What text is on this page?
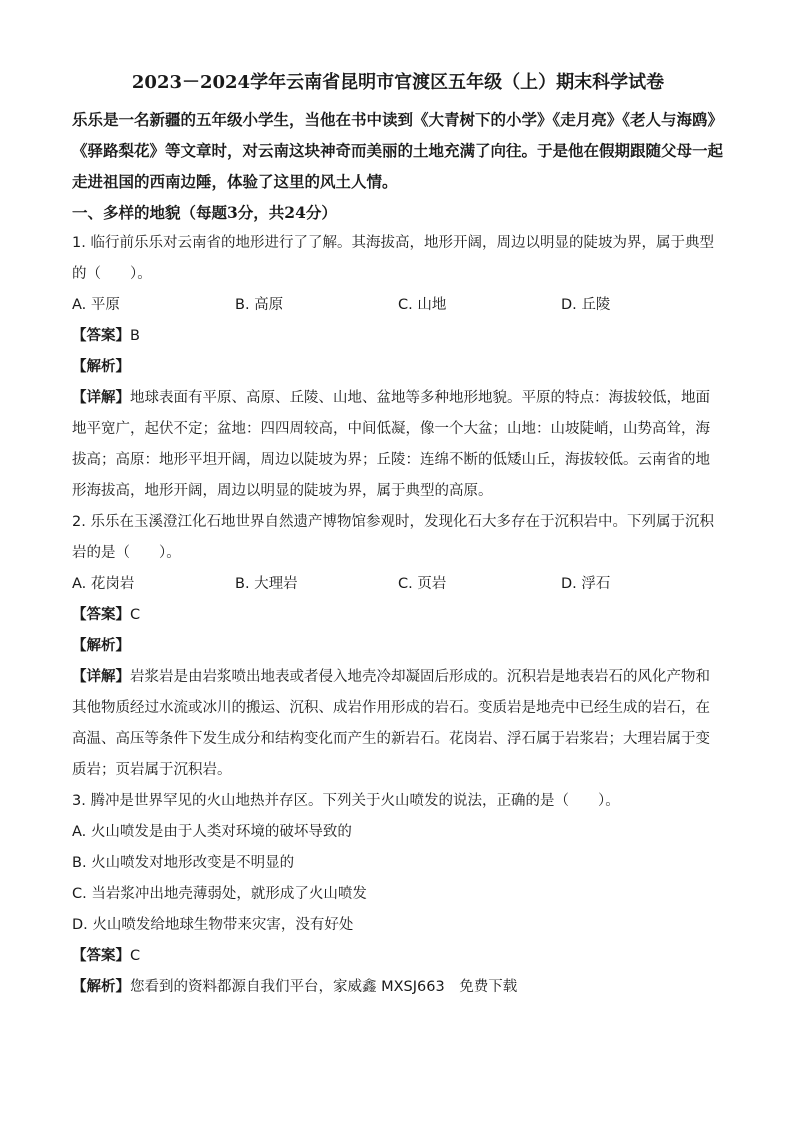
2023－2024学年云南省昆明市官渡区五年级（上）期末科学试卷

乐乐是一名新疆的五年级小学生，当他在书中读到《大青树下的小学》《走月亮》《老人与海鸥》《驿路梨花》等文章时，对云南这块神奇而美丽的土地充满了向往。于是他在假期跟随父母一起走进祖国的西南边陲，体验了这里的风土人情。

一、多样的地貌（每题3分，共24分）

1. 临行前乐乐对云南省的地形进行了了解。其海拔高，地形开阔，周边以明显的陡坡为界，属于典型的（　　）。

A. 平原	B. 高原	C. 山地	D. 丘陵

【答案】B

【解析】

【详解】地球表面有平原、高原、丘陵、山地、盆地等多种地形地貌。平原的特点：海拔较低，地面地平宽广，起伏不定；盆地：四四周较高，中间低凝，像一个大盆；山地：山坡陡峭，山势高耸，海拔高；高原：地形平坦开阔，周边以陡坡为界；丘陵：连绵不断的低矮山丘，海拔较低。云南省的地形海拔高，地形开阔，周边以明显的陡坡为界，属于典型的高原。

2. 乐乐在玉溪澄江化石地世界自然遗产博物馆参观时，发现化石大多存在于沉积岩中。下列属于沉积岩的是（　　）。

A. 花岗岩	B. 大理岩	C. 页岩	D. 浮石

【答案】C

【解析】

【详解】岩浆岩是由岩浆喷出地表或者侵入地壳冷却凝固后形成的。沉积岩是地表岩石的风化产物和其他物质经过水流或冰川的搬运、沉积、成岩作用形成的岩石。变质岩是地壳中已经生成的岩石，在高温、高压等条件下发生成分和结构变化而产生的新岩石。花岗岩、浮石属于岩浆岩；大理岩属于变质岩；页岩属于沉积岩。

3. 腾冲是世界罕见的火山地热并存区。下列关于火山喷发的说法，正确的是（　　）。

A. 火山喷发是由于人类对环境的破坏导致的

B. 火山喷发对地形改变是不明显的

C. 当岩浆冲出地壳薄弱处，就形成了火山喷发

D. 火山喷发给地球生物带来灾害，没有好处

【答案】C

【解析】您看到的资料都源自我们平台，家威鑫 MXSJ663　免费下载
